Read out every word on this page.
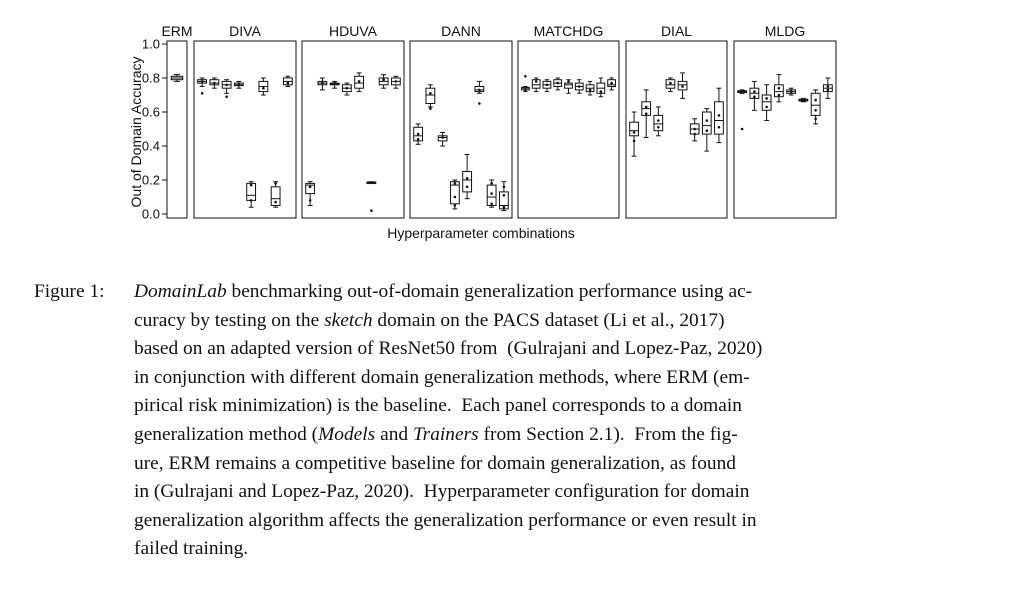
ERM	DIVA	HDUVA	DANN	MATCHDG	DIAL	MLDG
0.0
0.2
0.4
0.6
0.8
1.0
Out of Domain Accuracy
Hyperparameter combinations
Figure 1: DomainLab benchmarking out-of-domain generalization performance using ac-
curacy by testing on the sketch domain on the PACS dataset (Li et al., 2017)
based on an adapted version of ResNet50 from  (Gulrajani and Lopez-Paz, 2020)
in conjunction with different domain generalization methods, where ERM (em-
pirical risk minimization) is the baseline.  Each panel corresponds to a domain
generalization method (Models and Trainers from Section 2.1).  From the fig-
ure, ERM remains a competitive baseline for domain generalization, as found
in (Gulrajani and Lopez-Paz, 2020).  Hyperparameter configuration for domain
generalization algorithm affects the generalization performance or even result in
failed training.
